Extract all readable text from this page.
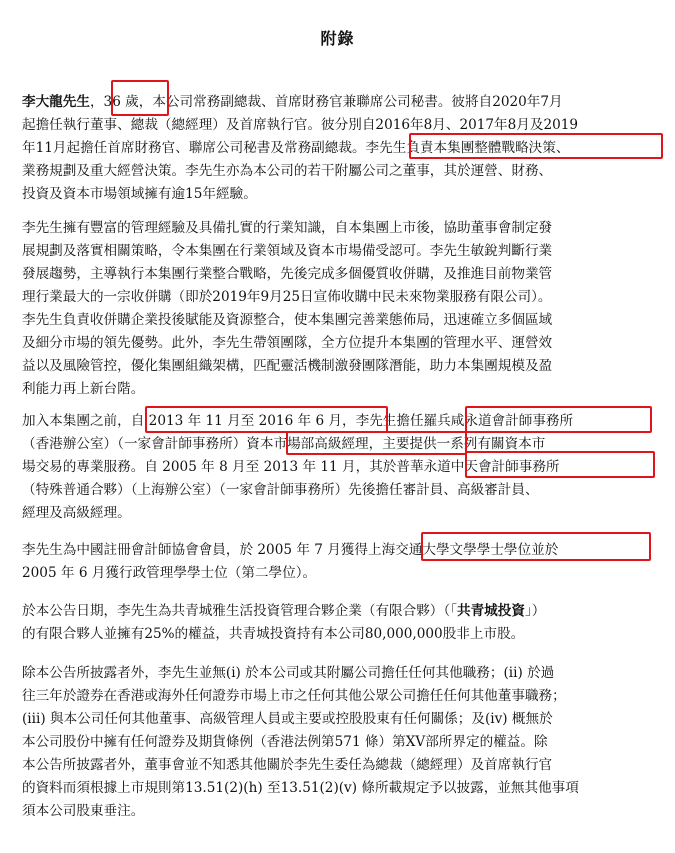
附錄
李大龍先生，36 歲，本公司常務副總裁、首席財務官兼聯席公司秘書。彼將自2020年7月
起擔任執行董事、總裁（總經理）及首席執行官。彼分別自2016年8月、2017年8月及2019
年11月起擔任首席財務官、聯席公司秘書及常務副總裁。李先生負責本集團整體戰略決策、
業務規劃及重大經營決策。李先生亦為本公司的若干附屬公司之董事，其於運營、財務、
投資及資本市場領域擁有逾15年經驗。
李先生擁有豐富的管理經驗及具備扎實的行業知識，自本集團上市後，協助董事會制定發
展規劃及落實相關策略，令本集團在行業領域及資本市場備受認可。李先生敏銳判斷行業
發展趨勢，主導執行本集團行業整合戰略，先後完成多個優質收併購，及推進目前物業管
理行業最大的一宗收併購（即於2019年9月25日宣佈收購中民未來物業服務有限公司）。
李先生負責收併購企業投後賦能及資源整合，使本集團完善業態佈局，迅速確立多個區域
及細分市場的領先優勢。此外，李先生帶領團隊，全方位提升本集團的管理水平、運營效
益以及風險管控，優化集團組織架構，匹配靈活機制激發團隊潛能，助力本集團規模及盈
利能力再上新台階。
加入本集團之前，自 2013 年 11 月至 2016 年 6 月，李先生擔任羅兵咸永道會計師事務所
（香港辦公室）（一家會計師事務所）資本市場部高級經理，主要提供一系列有關資本市
場交易的專業服務。自 2005 年 8 月至 2013 年 11 月，其於普華永道中天會計師事務所
（特殊普通合夥）（上海辦公室）（一家會計師事務所）先後擔任審計員、高級審計員、
經理及高級經理。
李先生為中國註冊會計師協會會員，於 2005 年 7 月獲得上海交通大學文學學士學位並於
2005 年 6 月獲行政管理學學士位（第二學位）。
於本公告日期，李先生為共青城雅生活投資管理合夥企業（有限合夥）（「共青城投資」）
的有限合夥人並擁有25%的權益，共青城投資持有本公司80,000,000股非上市股。
除本公告所披露者外，李先生並無(i) 於本公司或其附屬公司擔任任何其他職務；(ii) 於過
往三年於證券在香港或海外任何證券市場上市之任何其他公眾公司擔任任何其他董事職務；
(iii) 與本公司任何其他董事、高級管理人員或主要或控股股東有任何關係；及(iv) 概無於
本公司股份中擁有任何證券及期貨條例（香港法例第571 條）第XV部所界定的權益。除
本公告所披露者外，董事會並不知悉其他關於李先生委任為總裁（總經理）及首席執行官
的資料而須根據上市規則第13.51(2)(h) 至13.51(2)(v) 條所載規定予以披露，並無其他事項
須本公司股東垂注。
